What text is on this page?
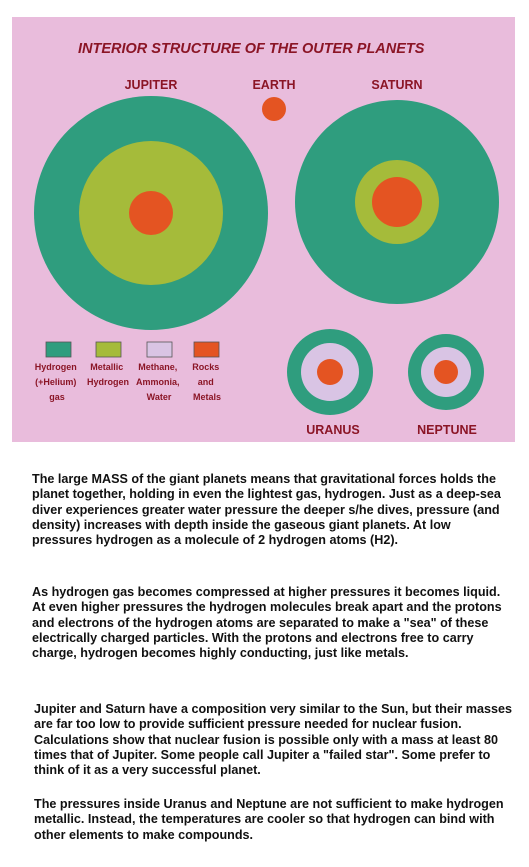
INTERIOR STRUCTURE OF THE OUTER PLANETS
JUPITER	EARTH	SATURN
URANUS	NEPTUNE
Hydrogen (+Helium) gas
Metallic Hydrogen
Methane, Ammonia, Water
Rocks and Metals

The large MASS of the giant planets means that gravitational forces holds the planet together, holding in even the lightest gas, hydrogen. Just as a deep-sea diver experiences greater water pressure the deeper s/he dives, pressure (and density) increases with depth inside the gaseous giant planets. At low pressures hydrogen as a molecule of 2 hydrogen atoms (H2).

As hydrogen gas becomes compressed at higher pressures it becomes liquid. At even higher pressures the hydrogen molecules break apart and the protons and electrons of the hydrogen atoms are separated to make a "sea" of these electrically charged particles. With the protons and electrons free to carry charge, hydrogen becomes highly conducting, just like metals.

Jupiter and Saturn have a composition very similar to the Sun, but their masses are far too low to provide sufficient pressure needed for nuclear fusion. Calculations show that nuclear fusion is possible only with a mass at least 80 times that of Jupiter. Some people call Jupiter a "failed star". Some prefer to think of it as a very successful planet.

The pressures inside Uranus and Neptune are not sufficient to make hydrogen metallic. Instead, the temperatures are cooler so that hydrogen can bind with other elements to make compounds.
